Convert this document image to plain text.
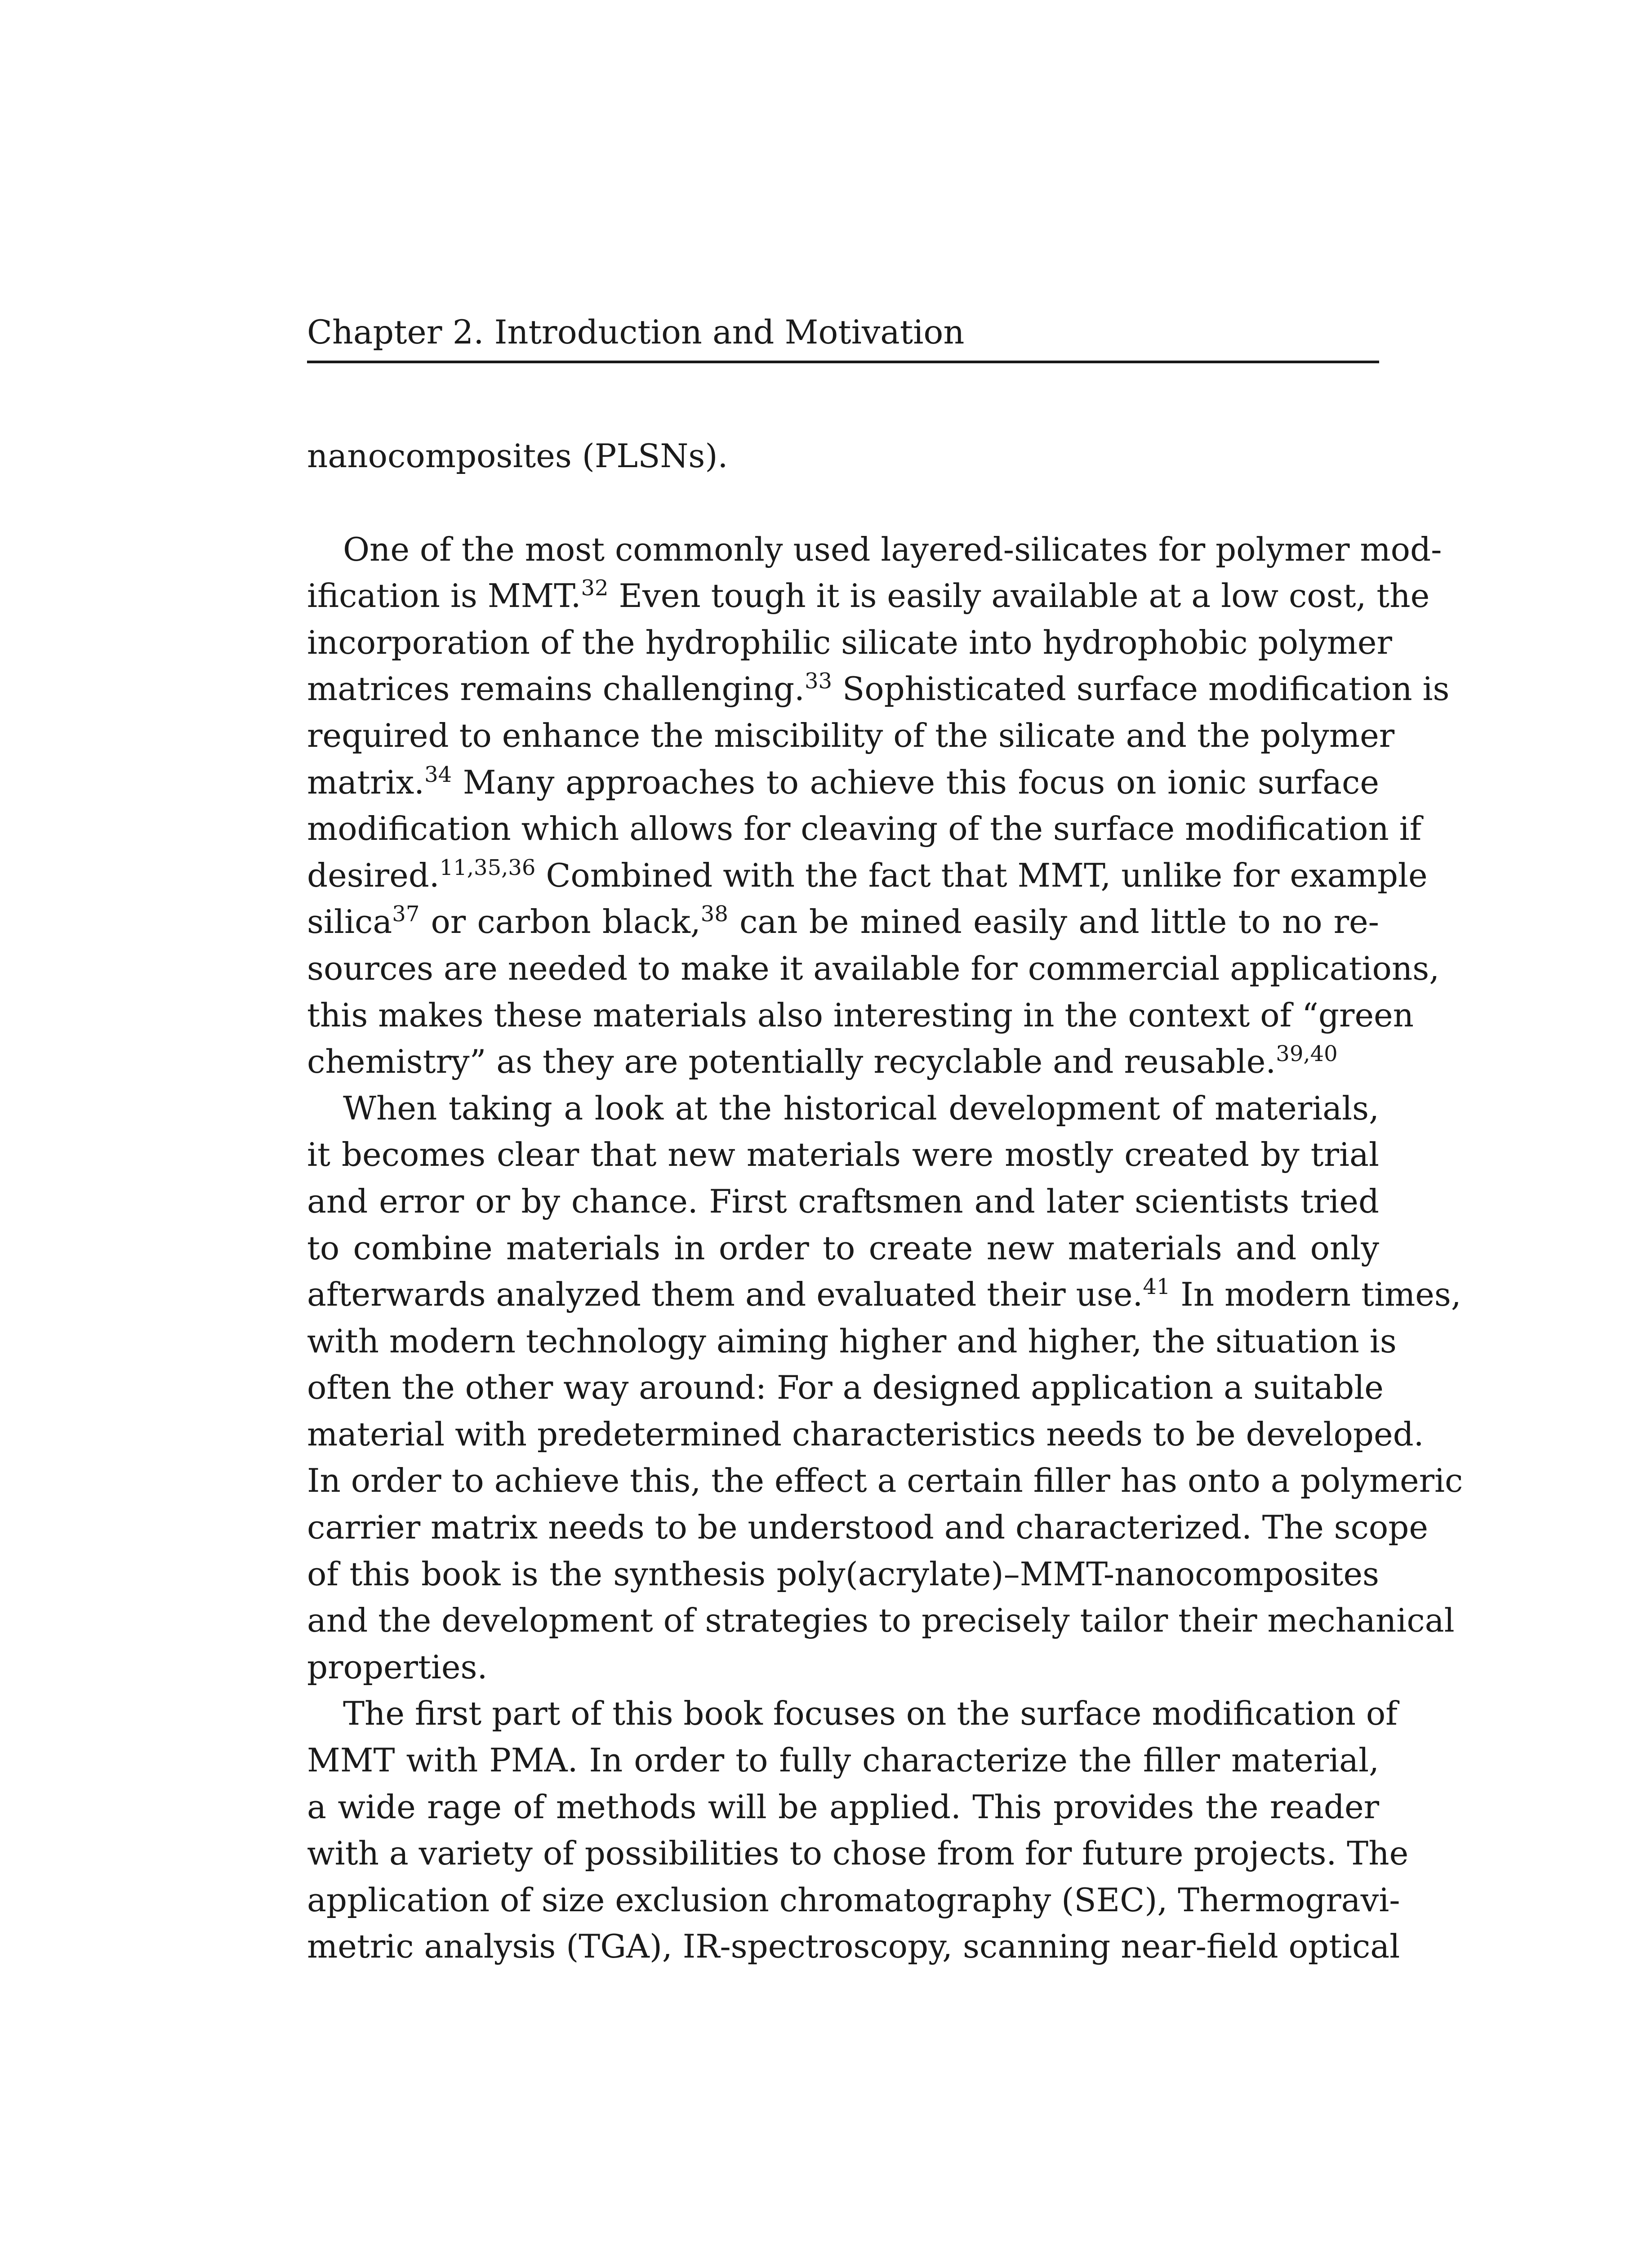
Chapter 2. Introduction and Motivation
nanocomposites (PLSNs).
One of the most commonly used layered-silicates for polymer mod-
ification is MMT.$^{32}$ Even tough it is easily available at a low cost, the
incorporation of the hydrophilic silicate into hydrophobic polymer
matrices remains challenging.$^{33}$ Sophisticated surface modification is
required to enhance the miscibility of the silicate and the polymer
matrix.$^{34}$ Many approaches to achieve this focus on ionic surface
modification which allows for cleaving of the surface modification if
desired.$^{11,35,36}$ Combined with the fact that MMT, unlike for example
silica$^{37}$ or carbon black,$^{38}$ can be mined easily and little to no re-
sources are needed to make it available for commercial applications,
this makes these materials also interesting in the context of “green
chemistry” as they are potentially recyclable and reusable.$^{39,40}$
When taking a look at the historical development of materials,
it becomes clear that new materials were mostly created by trial
and error or by chance. First craftsmen and later scientists tried
to combine materials in order to create new materials and only
afterwards analyzed them and evaluated their use.$^{41}$ In modern times,
with modern technology aiming higher and higher, the situation is
often the other way around: For a designed application a suitable
material with predetermined characteristics needs to be developed.
In order to achieve this, the effect a certain filler has onto a polymeric
carrier matrix needs to be understood and characterized. The scope
of this book is the synthesis poly(acrylate)–MMT-nanocomposites
and the development of strategies to precisely tailor their mechanical
properties.
The first part of this book focuses on the surface modification of
MMT with PMA. In order to fully characterize the filler material,
a wide rage of methods will be applied. This provides the reader
with a variety of possibilities to chose from for future projects. The
application of size exclusion chromatography (SEC), Thermogravi-
metric analysis (TGA), IR-spectroscopy, scanning near-field optical
